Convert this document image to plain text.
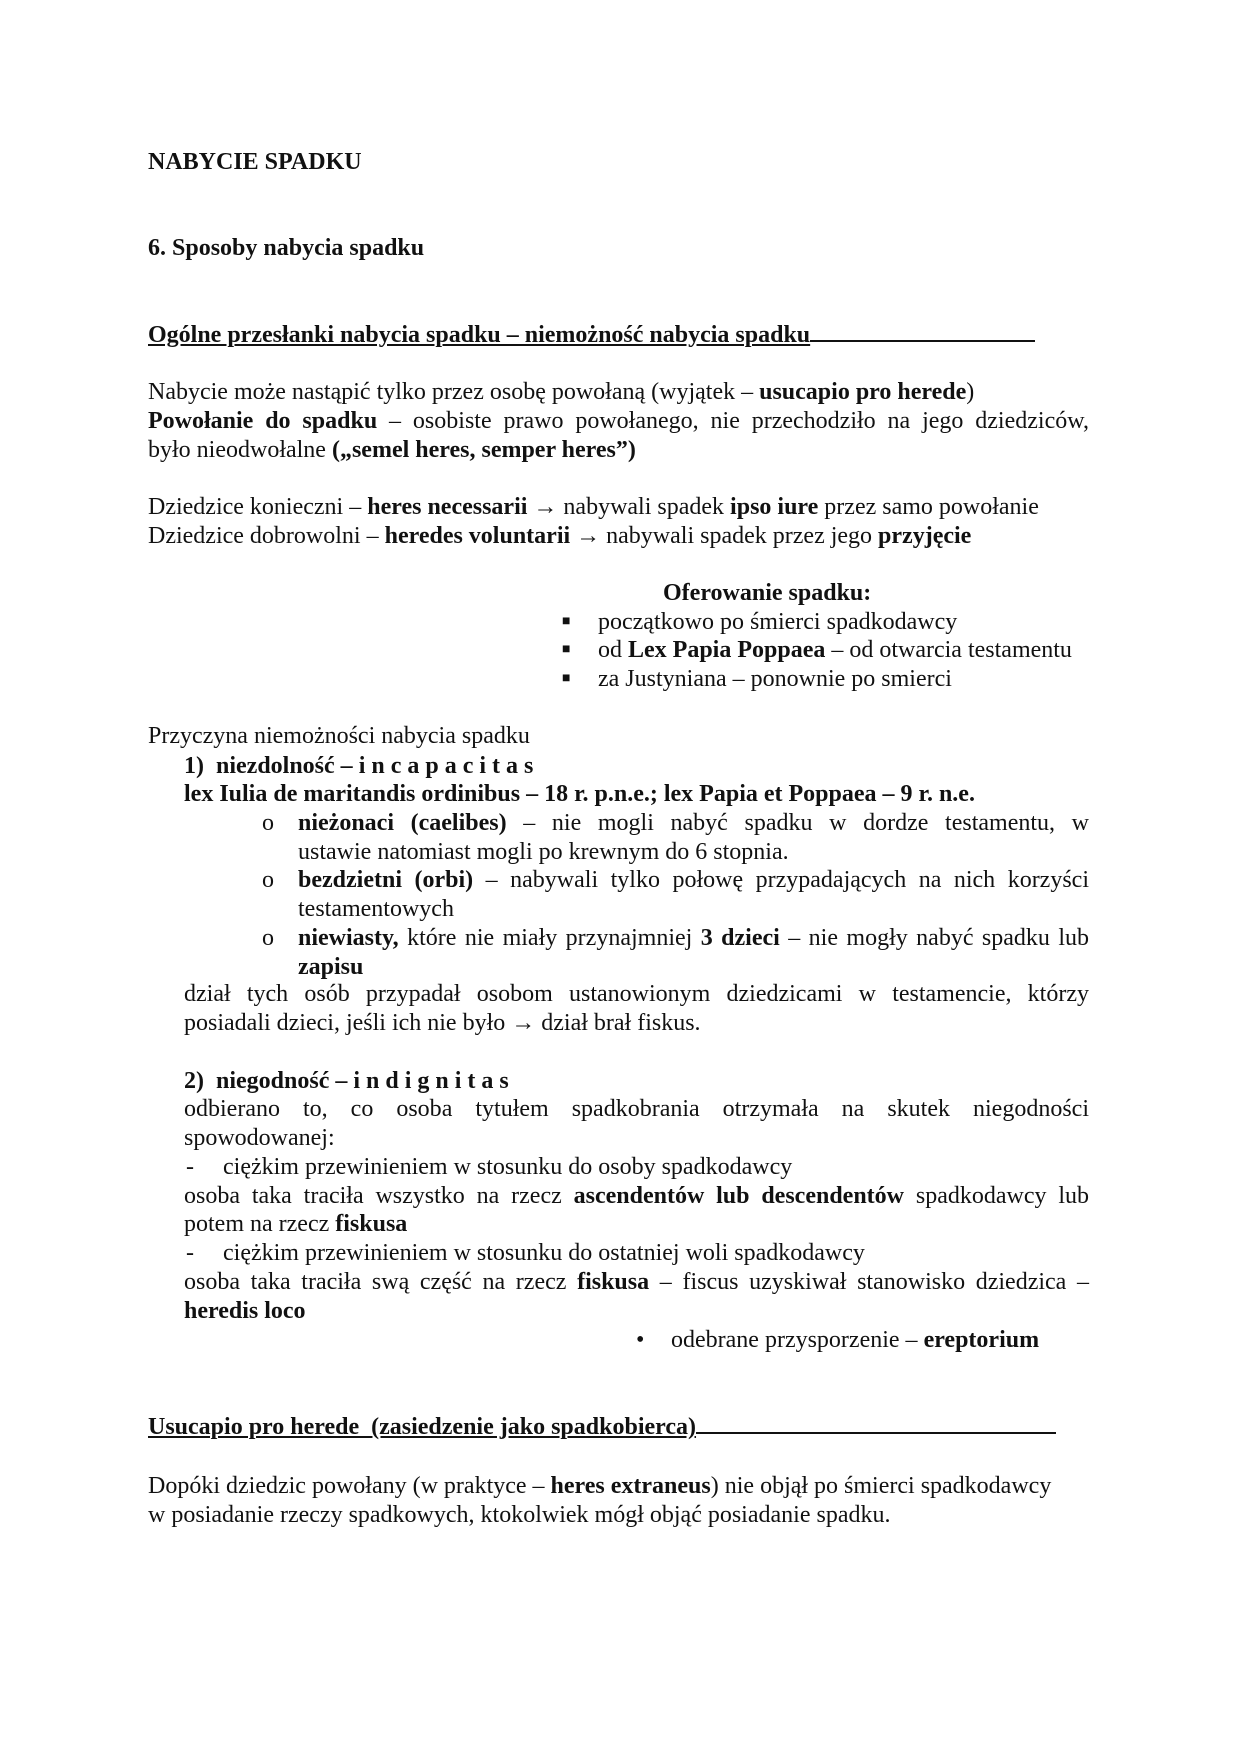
NABYCIE SPADKU
6. Sposoby nabycia spadku
Ogólne przesłanki nabycia spadku – niemożność nabycia spadku
Nabycie może nastąpić tylko przez osobę powołaną (wyjątek – usucapio pro herede)
Powołanie do spadku – osobiste prawo powołanego, nie przechodziło na jego dziedziców,
było nieodwołalne („semel heres, semper heres”)
Dziedzice konieczni – heres necessarii → nabywali spadek ipso iure przez samo powołanie
Dziedzice dobrowolni – heredes voluntarii → nabywali spadek przez jego przyjęcie
Oferowanie spadku:
■ początkowo po śmierci spadkodawcy
■ od Lex Papia Poppaea – od otwarcia testamentu
■ za Justyniana – ponownie po smierci
Przyczyna niemożności nabycia spadku
1) niezdolność – incapacitas
lex Iulia de maritandis ordinibus – 18 r. p.n.e.; lex Papia et Poppaea – 9 r. n.e.
o nieżonaci (caelibes) – nie mogli nabyć spadku w dordze testamentu, w
ustawie natomiast mogli po krewnym do 6 stopnia.
o bezdzietni (orbi) – nabywali tylko połowę przypadających na nich korzyści
testamentowych
o niewiasty, które nie miały przynajmniej 3 dzieci – nie mogły nabyć spadku lub
zapisu
dział tych osób przypadał osobom ustanowionym dziedzicami w testamencie, którzy
posiadali dzieci, jeśli ich nie było → dział brał fiskus.
2) niegodność – indignitas
odbierano to, co osoba tytułem spadkobrania otrzymała na skutek niegodności
spowodowanej:
- ciężkim przewinieniem w stosunku do osoby spadkodawcy
osoba taka traciła wszystko na rzecz ascendentów lub descendentów spadkodawcy lub
potem na rzecz fiskusa
- ciężkim przewinieniem w stosunku do ostatniej woli spadkodawcy
osoba taka traciła swą część na rzecz fiskusa – fiscus uzyskiwał stanowisko dziedzica –
heredis loco
• odebrane przysporzenie – ereptorium
Usucapio pro herede  (zasiedzenie jako spadkobierca)
Dopóki dziedzic powołany (w praktyce – heres extraneus) nie objął po śmierci spadkodawcy
w posiadanie rzeczy spadkowych, ktokolwiek mógł objąć posiadanie spadku.
